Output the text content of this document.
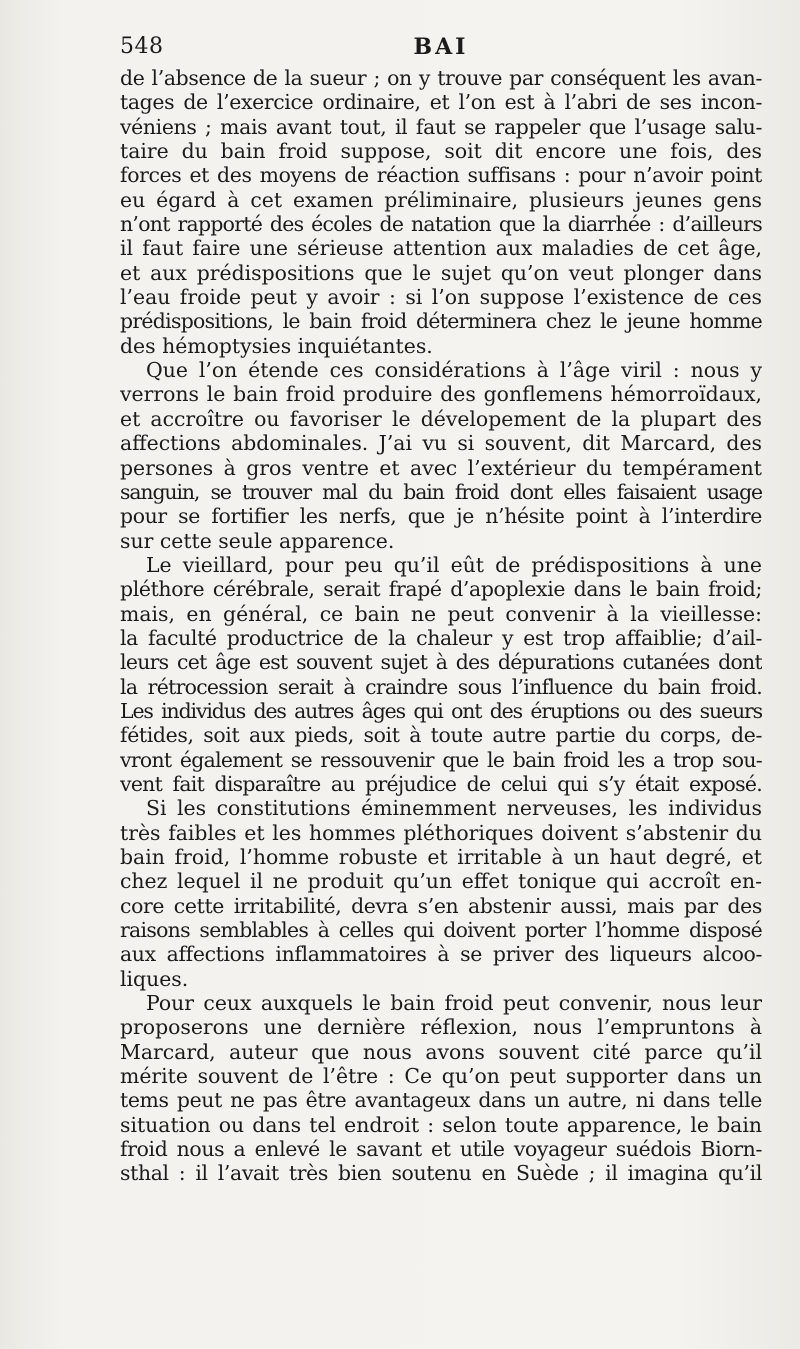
548	BAI
de l’absence de la sueur ; on y trouve par conséquent les avan-
tages de l’exercice ordinaire, et l’on est à l’abri de ses incon-
véniens ; mais avant tout, il faut se rappeler que l’usage salu-
taire du bain froid suppose, soit dit encore une fois, des
forces et des moyens de réaction suffisans : pour n’avoir point
eu égard à cet examen préliminaire, plusieurs jeunes gens
n’ont rapporté des écoles de natation que la diarrhée : d’ailleurs
il faut faire une sérieuse attention aux maladies de cet âge,
et aux prédispositions que le sujet qu’on veut plonger dans
l’eau froide peut y avoir : si l’on suppose l’existence de ces
prédispositions, le bain froid déterminera chez le jeune homme
des hémoptysies inquiétantes.
Que l’on étende ces considérations à l’âge viril : nous y
verrons le bain froid produire des gonflemens hémorroïdaux,
et accroître ou favoriser le dévelopement de la plupart des
affections abdominales. J’ai vu si souvent, dit Marcard, des
persones à gros ventre et avec l’extérieur du tempérament
sanguin, se trouver mal du bain froid dont elles faisaient usage
pour se fortifier les nerfs, que je n’hésite point à l’interdire
sur cette seule apparence.
Le vieillard, pour peu qu’il eût de prédispositions à une
pléthore cérébrale, serait frapé d’apoplexie dans le bain froid;
mais, en général, ce bain ne peut convenir à la vieillesse:
la faculté productrice de la chaleur y est trop affaiblie; d’ail-
leurs cet âge est souvent sujet à des dépurations cutanées dont
la rétrocession serait à craindre sous l’influence du bain froid.
Les individus des autres âges qui ont des éruptions ou des sueurs
fétides, soit aux pieds, soit à toute autre partie du corps, de-
vront également se ressouvenir que le bain froid les a trop sou-
vent fait disparaître au préjudice de celui qui s’y était exposé.
Si les constitutions éminemment nerveuses, les individus
très faibles et les hommes pléthoriques doivent s’abstenir du
bain froid, l’homme robuste et irritable à un haut degré, et
chez lequel il ne produit qu’un effet tonique qui accroît en-
core cette irritabilité, devra s’en abstenir aussi, mais par des
raisons semblables à celles qui doivent porter l’homme disposé
aux affections inflammatoires à se priver des liqueurs alcoo-
liques.
Pour ceux auxquels le bain froid peut convenir, nous leur
proposerons une dernière réflexion, nous l’empruntons à
Marcard, auteur que nous avons souvent cité parce qu’il
mérite souvent de l’être : Ce qu’on peut supporter dans un
tems peut ne pas être avantageux dans un autre, ni dans telle
situation ou dans tel endroit : selon toute apparence, le bain
froid nous a enlevé le savant et utile voyageur suédois Biorn-
sthal : il l’avait très bien soutenu en Suède ; il imagina qu’il
